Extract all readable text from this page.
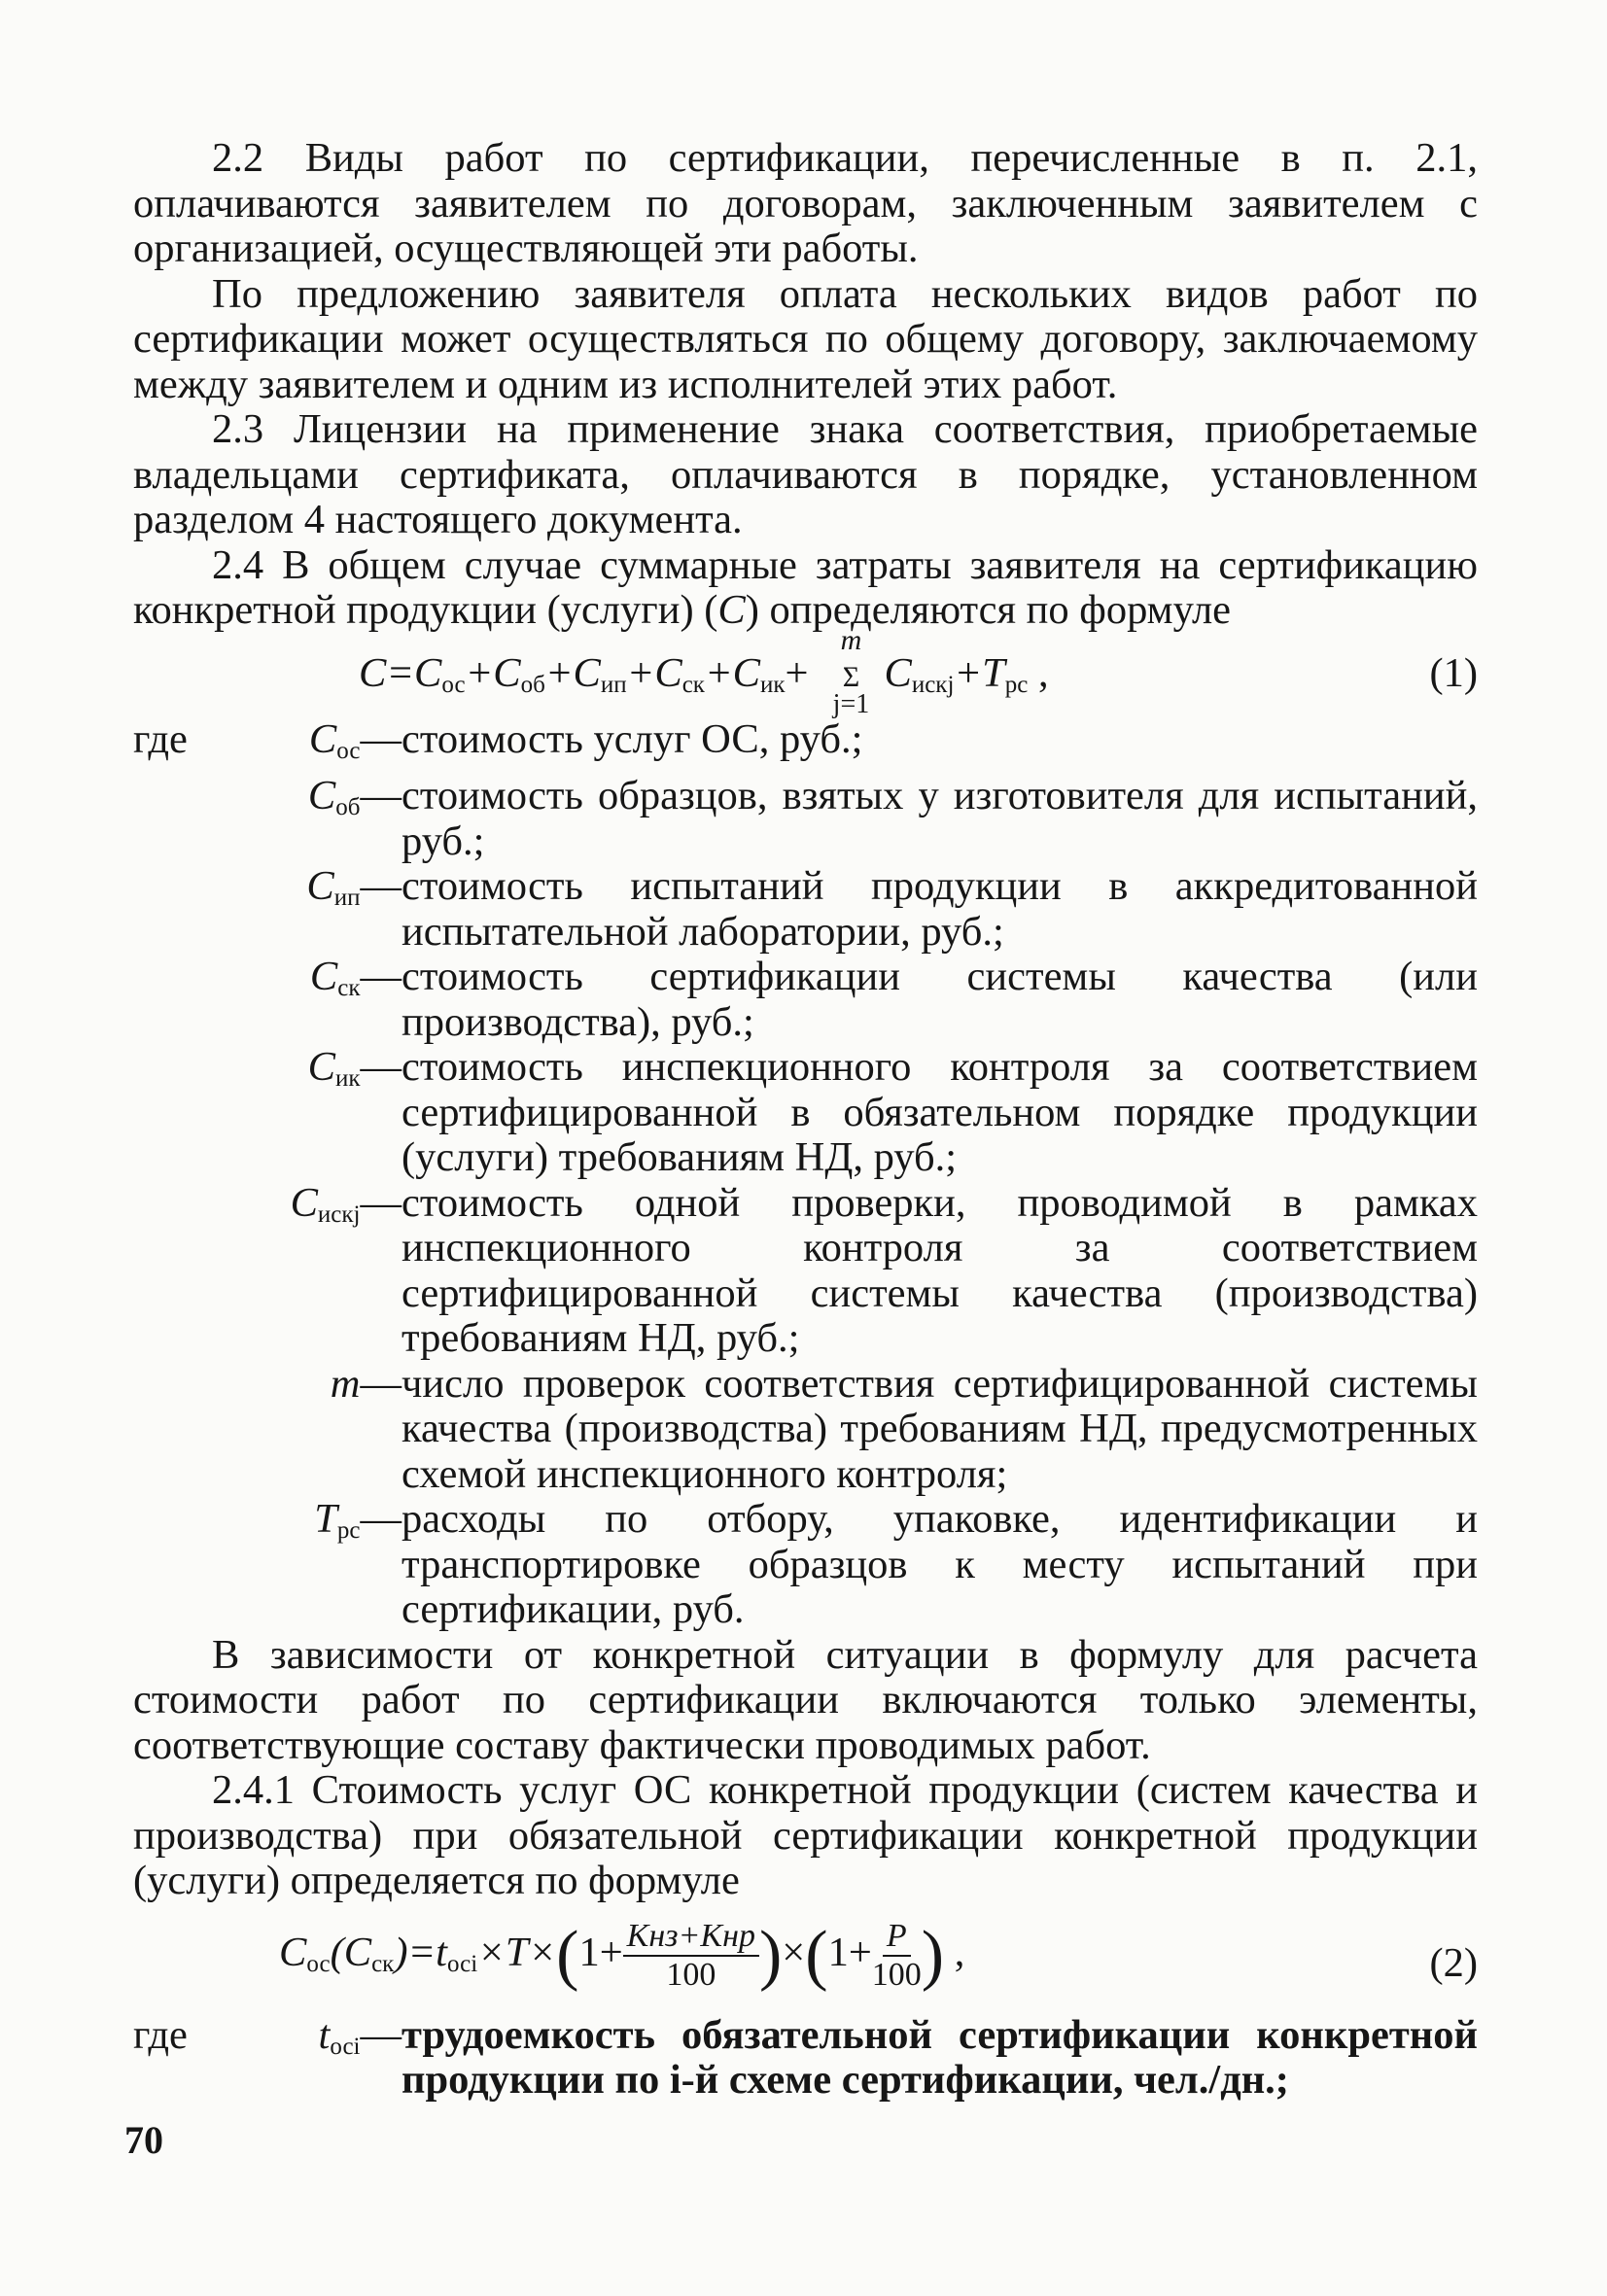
2.2 Виды работ по сертификации, перечисленные в п. 2.1, оплачиваются заявителем по договорам, заключенным заявителем с организацией, осуществляющей эти работы.

По предложению заявителя оплата нескольких видов работ по сертификации может осуществляться по общему договору, заключаемому между заявителем и одним из исполнителей этих работ.

2.3 Лицензии на применение знака соответствия, приобретаемые владельцами сертификата, оплачиваются в порядке, установленном разделом 4 настоящего документа.

2.4 В общем случае суммарные затраты заявителя на сертификацию конкретной продукции (услуги) (С) определяются по формуле

$C=C_{ос}+C_{об}+C_{ип}+C_{ск}+C_{ик}+$
m
Σ
j=1
$C_{искj}+T_{рс}$ ,	(1)
где	$C_{ос}—$ стоимость услуг ОС, руб.;
$C_{об}—$ стоимость образцов, взятых у изготовителя для испытаний, руб.;
$C_{ип}—$ стоимость испытаний продукции в аккредитованной испытательной лаборатории, руб.;
$C_{ск}—$ стоимость сертификации системы качества (или производства), руб.;
$C_{ик}—$ стоимость инспекционного контроля за соответствием сертифицированной в обязательном порядке продукции (услуги) требованиям НД, руб.;
$C_{искj}—$ стоимость одной проверки, проводимой в рамках инспекционного контроля за соответствием сертифицированной системы качества (производства) требованиям НД, руб.;
m— число проверок соответствия сертифицированной системы качества (производства) требованиям НД, предусмотренных схемой инспекционного контроля;
$T_{рс}—$ расходы по отбору, упаковке, идентификации и транспортировке образцов к месту испытаний при сертификации, руб.

В зависимости от конкретной ситуации в формулу для расчета стоимости работ по сертификации включаются только элементы, соответствующие составу фактически проводимых работ.

2.4.1 Стоимость услуг ОС конкретной продукции (систем качества и производства) при обязательной сертификации конкретной продукции (услуги) определяется по формуле

$C_{ос}(C_{ск})=t_{осi}\times T\times(1+ \frac{\text{Kнз+Kнр}}{100} )\times(1+ \frac{P}{100}$ ) ,	(2)
где	$t_{осi}—$ трудоемкость обязательной сертификации конкретной продукции по i-й схеме сертификации, чел./дн.;
70
